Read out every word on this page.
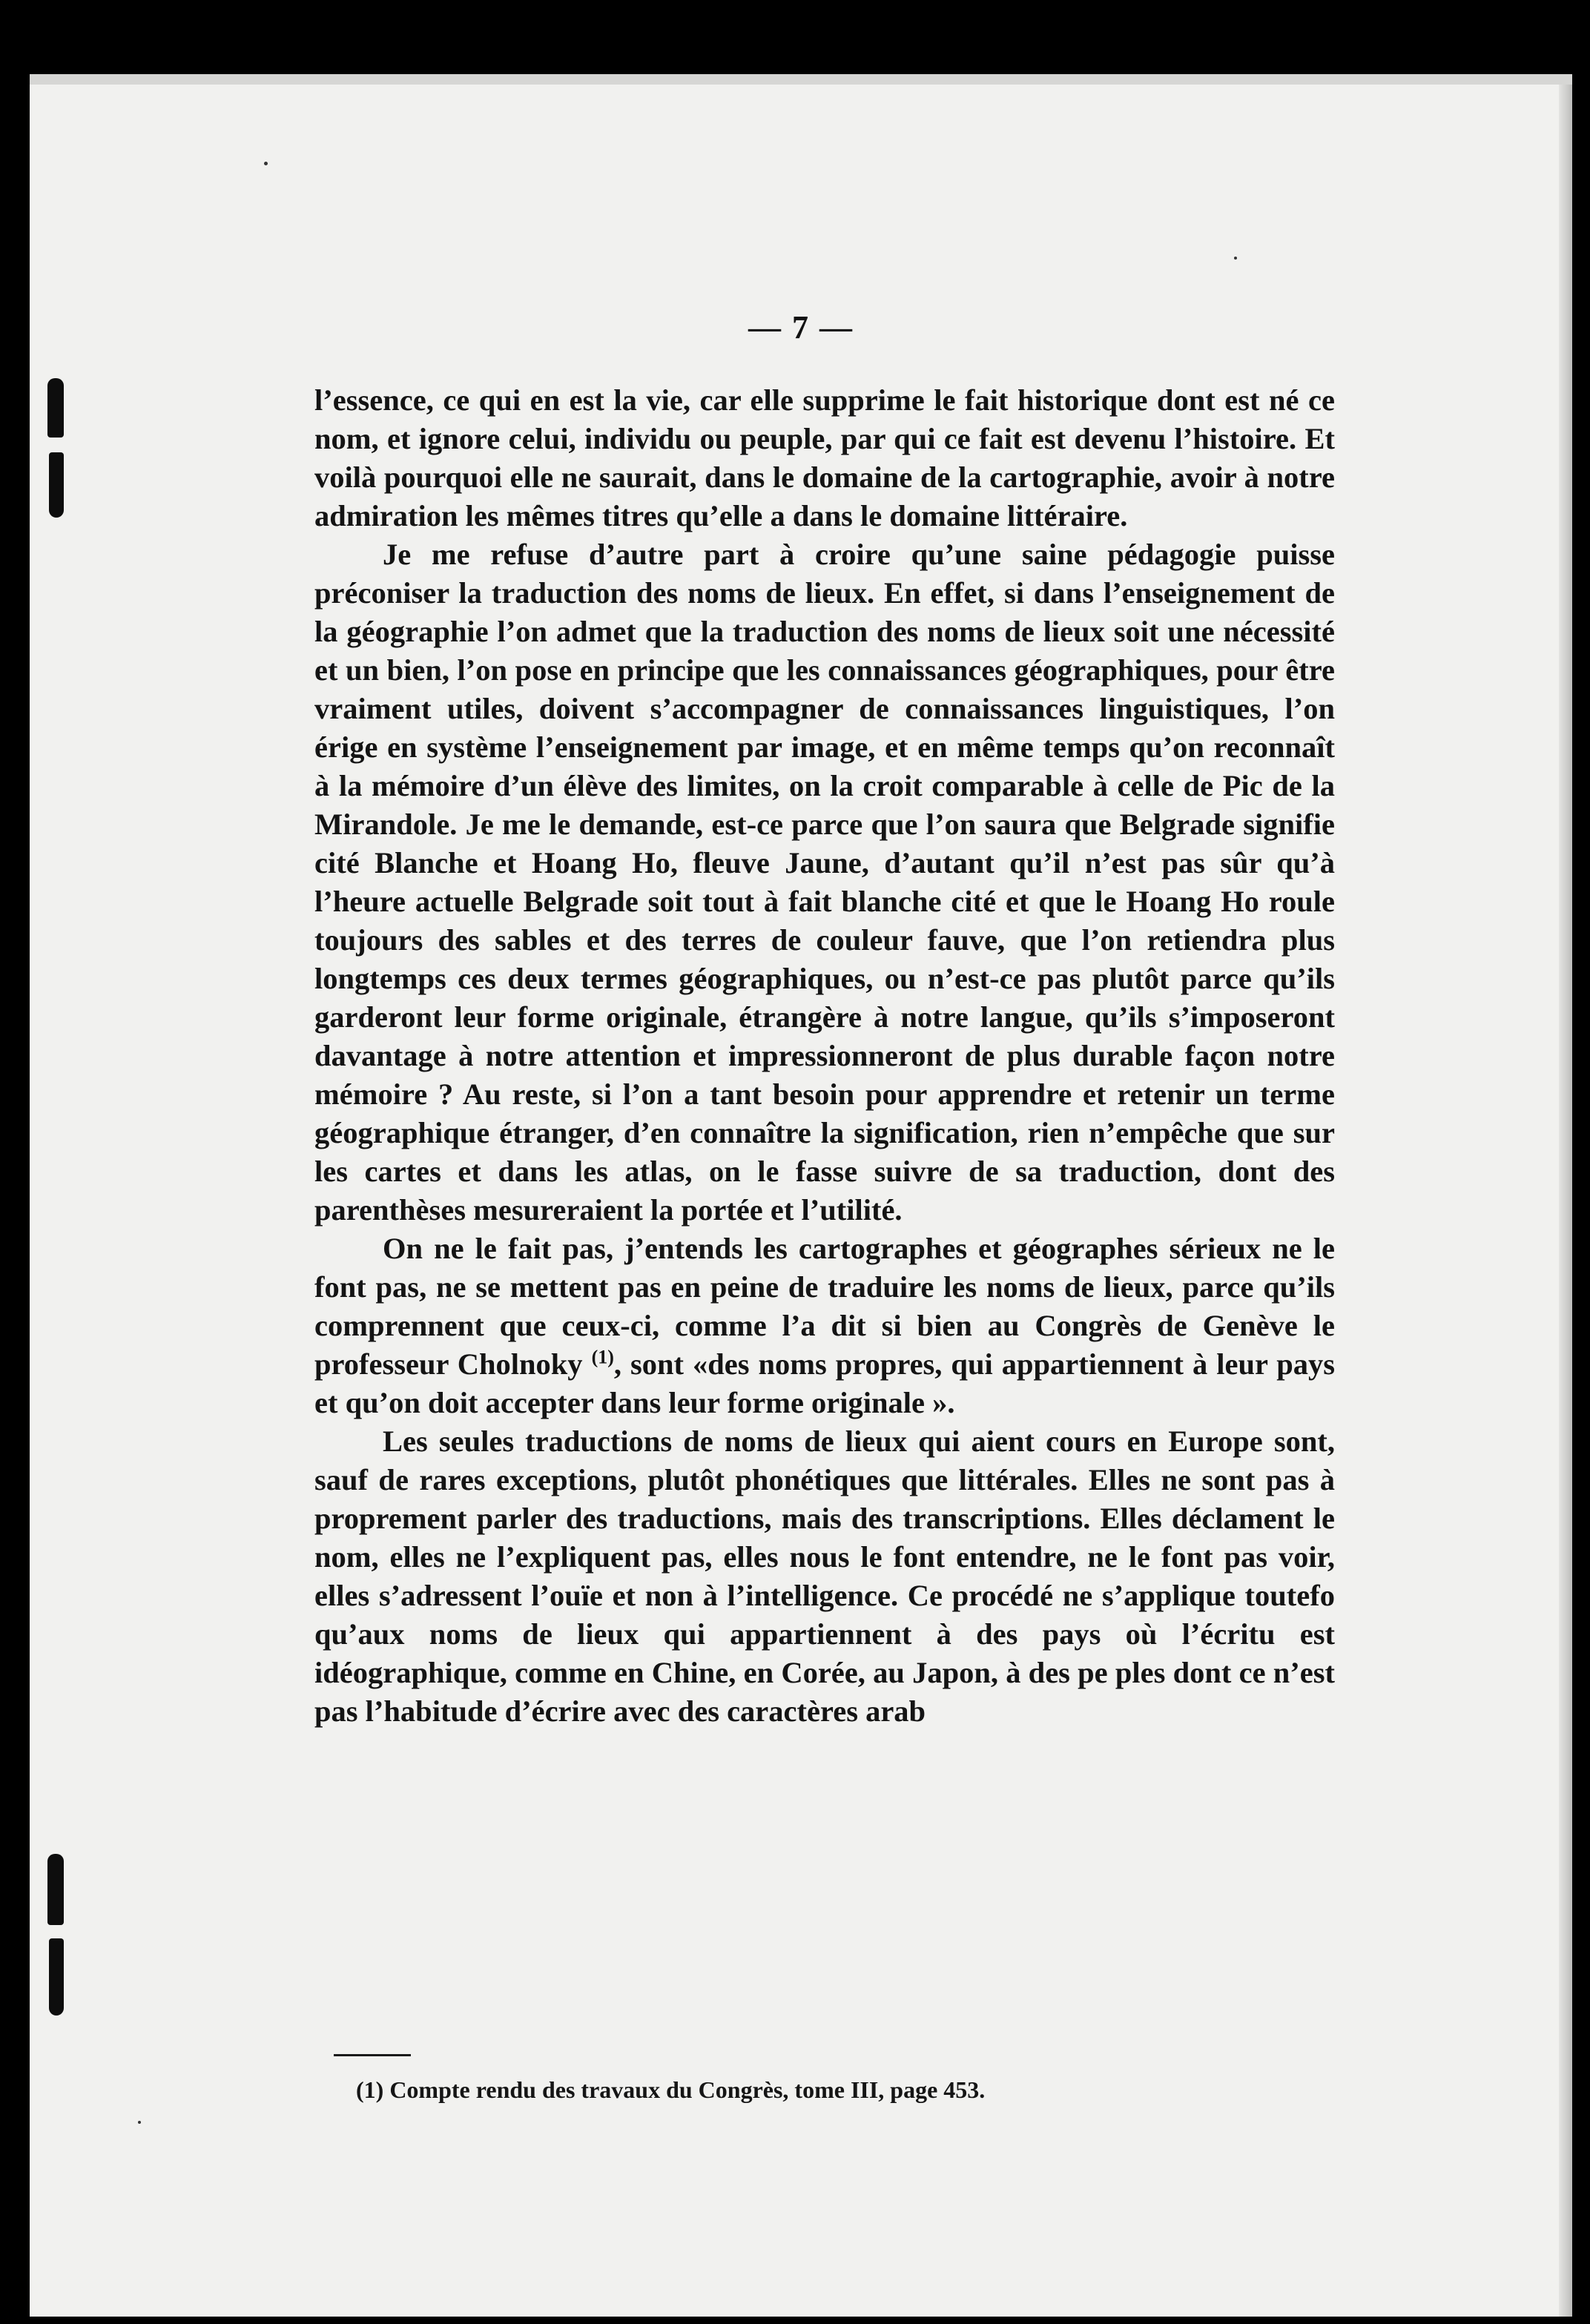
— 7 —

l’essence, ce qui en est la vie, car elle supprime le fait historique dont est né ce nom, et ignore celui, individu ou peuple, par qui ce fait est devenu l’histoire. Et voilà pourquoi elle ne saurait, dans le domaine de la cartographie, avoir à notre admiration les mêmes titres qu’elle a dans le domaine littéraire.

Je me refuse d’autre part à croire qu’une saine pédagogie puisse préconiser la traduction des noms de lieux. En effet, si dans l’enseignement de la géographie l’on admet que la traduction des noms de lieux soit une nécessité et un bien, l’on pose en principe que les connaissances géographiques, pour être vraiment utiles, doivent s’accompagner de connaissances linguistiques, l’on érige en système l’enseignement par image, et en même temps qu’on reconnaît à la mémoire d’un élève des limites, on la croit comparable à celle de Pic de la Mirandole. Je me le demande, est-ce parce que l’on saura que Belgrade signifie cité Blanche et Hoang Ho, fleuve Jaune, d’autant qu’il n’est pas sûr qu’à l’heure actuelle Belgrade soit tout à fait blanche cité et que le Hoang Ho roule toujours des sables et des terres de couleur fauve, que l’on retiendra plus longtemps ces deux termes géographiques, ou n’est-ce pas plutôt parce qu’ils garderont leur forme originale, étrangère à notre langue, qu’ils s’imposeront davantage à notre attention et impressionneront de plus durable façon notre mémoire ? Au reste, si l’on a tant besoin pour apprendre et retenir un terme géographique étranger, d’en connaître la signification, rien n’empêche que sur les cartes et dans les atlas, on le fasse suivre de sa traduction, dont des parenthèses mesureraient la portée et l’utilité.

On ne le fait pas, j’entends les cartographes et géographes sérieux ne le font pas, ne se mettent pas en peine de traduire les noms de lieux, parce qu’ils comprennent que ceux-ci, comme l’a dit si bien au Congrès de Genève le professeur Cholnoky $^{(1)}$, sont «des noms propres, qui appartiennent à leur pays et qu’on doit accepter dans leur forme originale ».

Les seules traductions de noms de lieux qui aient cours en Europe sont, sauf de rares exceptions, plutôt phonétiques que littérales. Elles ne sont pas à proprement parler des traductions, mais des transcriptions. Elles déclament le nom, elles ne l’expliquent pas, elles nous le font entendre, ne le font pas voir, elles s’adressent l’ouïe et non à l’intelligence. Ce procédé ne s’applique toutefo qu’aux noms de lieux qui appartiennent à des pays où l’écritu est idéographique, comme en Chine, en Corée, au Japon, à des pe ples dont ce n’est pas l’habitude d’écrire avec des caractères arab

(1) Compte rendu des travaux du Congrès, tome III, page 453.
